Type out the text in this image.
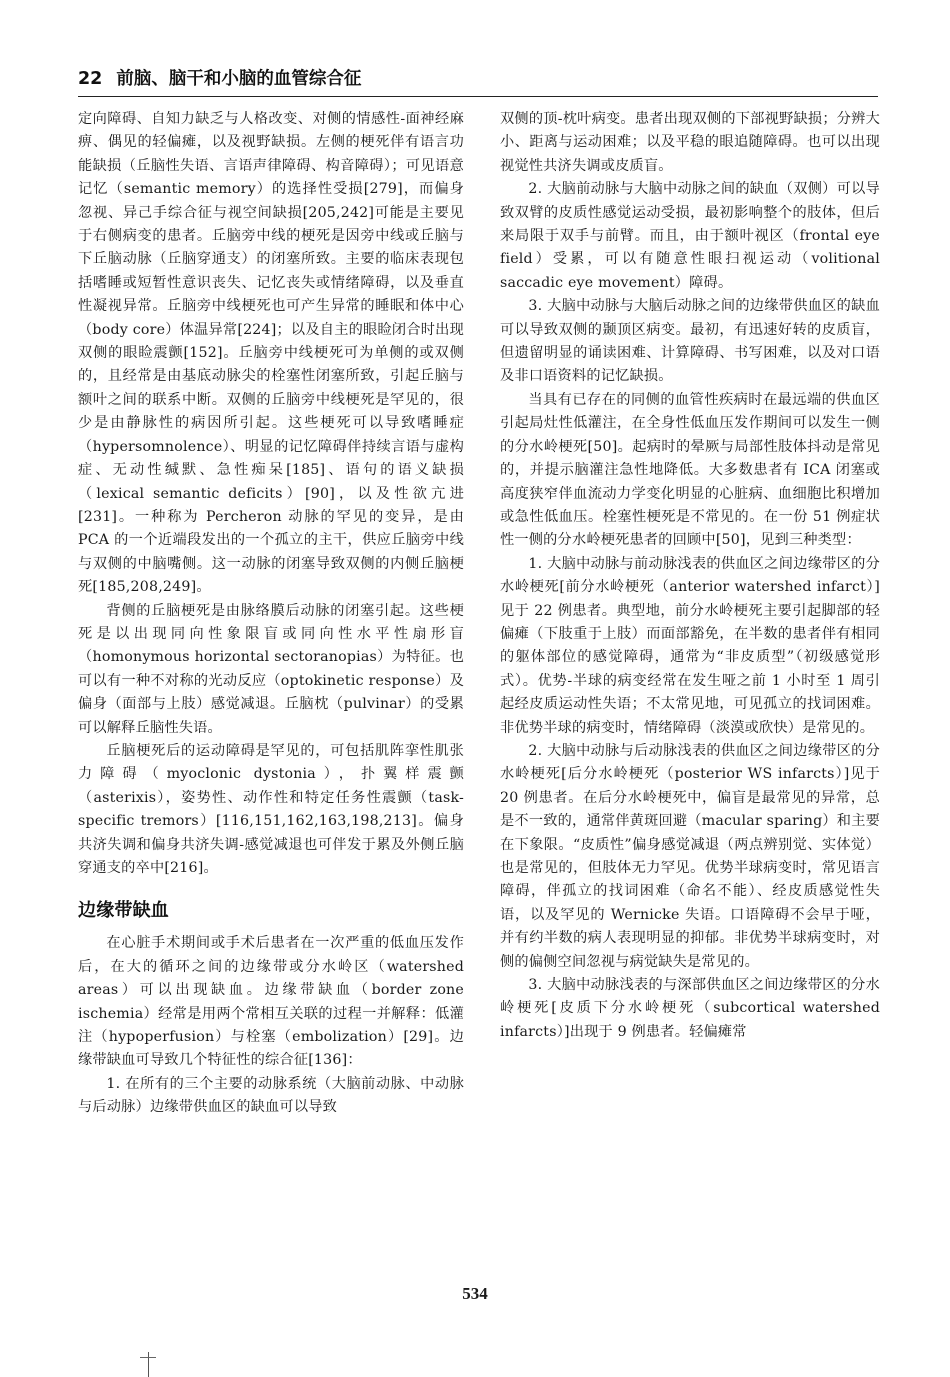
22 前脑、脑干和小脑的血管综合征

定向障碍、自知力缺乏与人格改变、对侧的情感性-面神经麻痹、偶见的轻偏瘫，以及视野缺损。左侧的梗死伴有语言功能缺损（丘脑性失语、言语声律障碍、构音障碍）；可见语意记忆（semantic memory）的选择性受损[279]，而偏身忽视、异己手综合征与视空间缺损[205,242]可能是主要见于右侧病变的患者。丘脑旁中线的梗死是因旁中线或丘脑与下丘脑动脉（丘脑穿通支）的闭塞所致。主要的临床表现包括嗜睡或短暂性意识丧失、记忆丧失或情绪障碍，以及垂直性凝视异常。丘脑旁中线梗死也可产生异常的睡眠和体中心（body core）体温异常[224]；以及自主的眼睑闭合时出现双侧的眼睑震颤[152]。丘脑旁中线梗死可为单侧的或双侧的，且经常是由基底动脉尖的栓塞性闭塞所致，引起丘脑与额叶之间的联系中断。双侧的丘脑旁中线梗死是罕见的，很少是由静脉性的病因所引起。这些梗死可以导致嗜睡症（hypersomnolence）、明显的记忆障碍伴持续言语与虚构症、无动性缄默、急性痴呆[185]、语句的语义缺损（lexical semantic deficits）[90]，以及性欲亢进[231]。一种称为 Percheron 动脉的罕见的变异，是由 PCA 的一个近端段发出的一个孤立的主干，供应丘脑旁中线与双侧的中脑嘴侧。这一动脉的闭塞导致双侧的内侧丘脑梗死[185,208,249]。

背侧的丘脑梗死是由脉络膜后动脉的闭塞引起。这些梗死是以出现同向性象限盲或同向性水平性扇形盲（homonymous horizontal sectoranopias）为特征。也可以有一种不对称的光动反应（optokinetic response）及偏身（面部与上肢）感觉减退。丘脑枕（pulvinar）的受累可以解释丘脑性失语。

丘脑梗死后的运动障碍是罕见的，可包括肌阵挛性肌张力障碍（myoclonic dystonia），扑翼样震颤（asterixis），姿势性、动作性和特定任务性震颤（task-specific tremors）[116,151,162,163,198,213]。偏身共济失调和偏身共济失调-感觉减退也可伴发于累及外侧丘脑穿通支的卒中[216]。

边缘带缺血

在心脏手术期间或手术后患者在一次严重的低血压发作后，在大的循环之间的边缘带或分水岭区（watershed areas）可以出现缺血。边缘带缺血（border zone ischemia）经常是用两个常相互关联的过程一并解释：低灌注（hypoperfusion）与栓塞（embolization）[29]。边缘带缺血可导致几个特征性的综合征[136]：

1. 在所有的三个主要的动脉系统（大脑前动脉、中动脉与后动脉）边缘带供血区的缺血可以导致

双侧的顶-枕叶病变。患者出现双侧的下部视野缺损；分辨大小、距离与运动困难；以及平稳的眼追随障碍。也可以出现视觉性共济失调或皮质盲。

2. 大脑前动脉与大脑中动脉之间的缺血（双侧）可以导致双臂的皮质性感觉运动受损，最初影响整个的肢体，但后来局限于双手与前臂。而且，由于额叶视区（frontal eye field）受累，可以有随意性眼扫视运动（volitional saccadic eye movement）障碍。

3. 大脑中动脉与大脑后动脉之间的边缘带供血区的缺血可以导致双侧的颞顶区病变。最初，有迅速好转的皮质盲，但遗留明显的诵读困难、计算障碍、书写困难，以及对口语及非口语资料的记忆缺损。

当具有已存在的同侧的血管性疾病时在最远端的供血区引起局灶性低灌注，在全身性低血压发作期间可以发生一侧的分水岭梗死[50]。起病时的晕厥与局部性肢体抖动是常见的，并提示脑灌注急性地降低。大多数患者有 ICA 闭塞或高度狭窄伴血流动力学变化明显的心脏病、血细胞比积增加或急性低血压。栓塞性梗死是不常见的。在一份 51 例症状性一侧的分水岭梗死患者的回顾中[50]，见到三种类型：

1. 大脑中动脉与前动脉浅表的供血区之间边缘带区的分水岭梗死[前分水岭梗死（anterior watershed infarct）]见于 22 例患者。典型地，前分水岭梗死主要引起脚部的轻偏瘫（下肢重于上肢）而面部豁免，在半数的患者伴有相同的躯体部位的感觉障碍，通常为“非皮质型”（初级感觉形式）。优势-半球的病变经常在发生哑之前 1 小时至 1 周引起经皮质运动性失语；不太常见地，可见孤立的找词困难。非优势半球的病变时，情绪障碍（淡漠或欣快）是常见的。

2. 大脑中动脉与后动脉浅表的供血区之间边缘带区的分水岭梗死[后分水岭梗死（posterior WS infarcts）]见于 20 例患者。在后分水岭梗死中，偏盲是最常见的异常，总是不一致的，通常伴黄斑回避（macular sparing）和主要在下象限。“皮质性”偏身感觉减退（两点辨别觉、实体觉）也是常见的，但肢体无力罕见。优势半球病变时，常见语言障碍，伴孤立的找词困难（命名不能）、经皮质感觉性失语，以及罕见的 Wernicke 失语。口语障碍不会早于哑，并有约半数的病人表现明显的抑郁。非优势半球病变时，对侧的偏侧空间忽视与病觉缺失是常见的。

3. 大脑中动脉浅表的与深部供血区之间边缘带区的分水岭梗死[皮质下分水岭梗死（subcortical watershed infarcts）]出现于 9 例患者。轻偏瘫常

534
